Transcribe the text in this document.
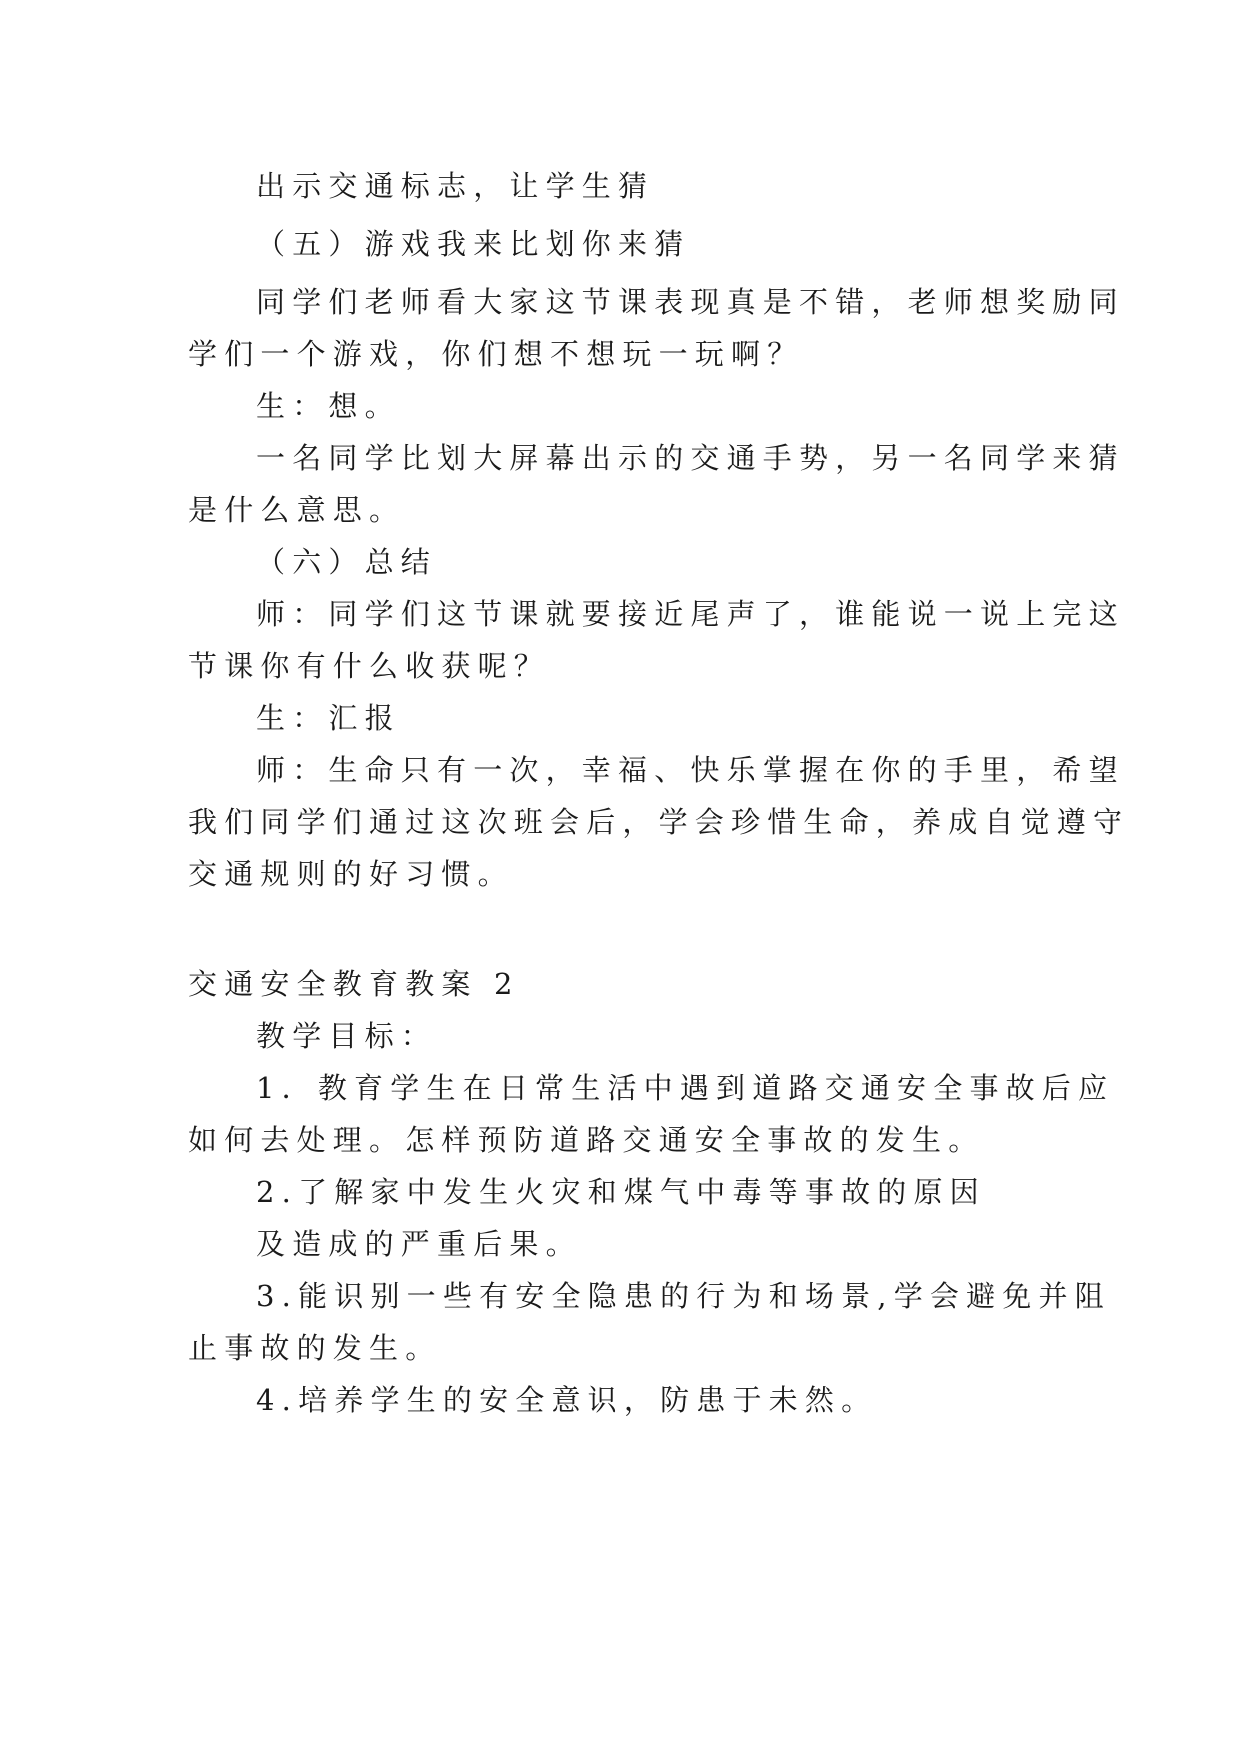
出示交通标志，让学生猜
（五）游戏我来比划你来猜
同学们老师看大家这节课表现真是不错，老师想奖励同
学们一个游戏，你们想不想玩一玩啊？
生：想。
一名同学比划大屏幕出示的交通手势，另一名同学来猜
是什么意思。
（六）总结
师：同学们这节课就要接近尾声了，谁能说一说上完这
节课你有什么收获呢？
生：汇报
师：生命只有一次，幸福、快乐掌握在你的手里，希望
我们同学们通过这次班会后，学会珍惜生命，养成自觉遵守
交通规则的好习惯。
交通安全教育教案 2
教学目标：
1．教育学生在日常生活中遇到道路交通安全事故后应
如何去处理。怎样预防道路交通安全事故的发生。
2.了解家中发生火灾和煤气中毒等事故的原因
及造成的严重后果。
3.能识别一些有安全隐患的行为和场景,学会避免并阻
止事故的发生。
4.培养学生的安全意识，防患于未然。
